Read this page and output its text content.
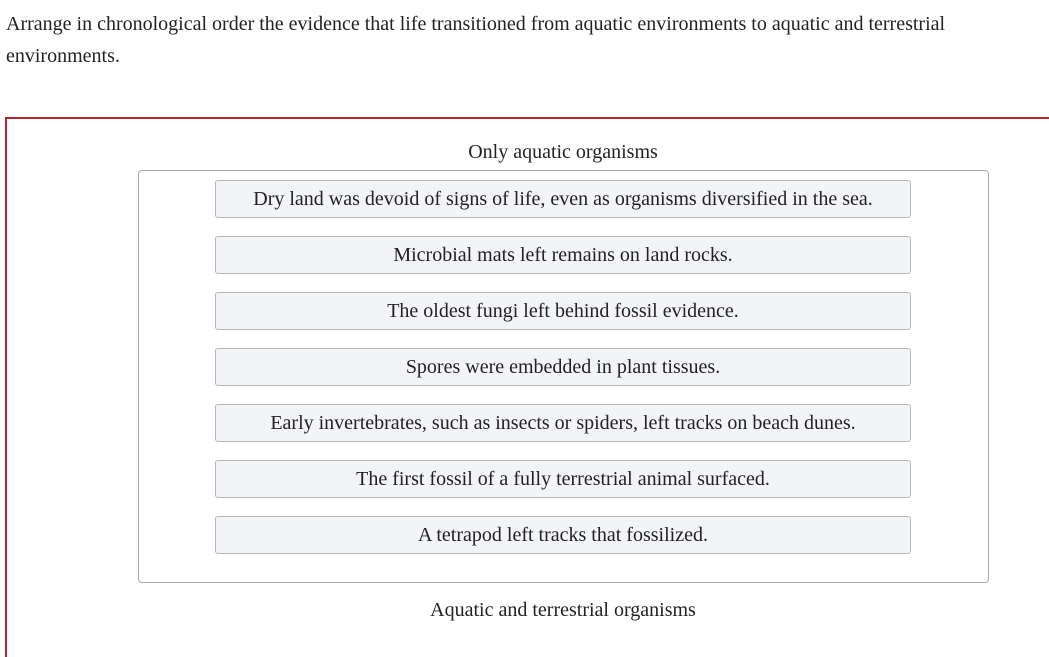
Arrange in chronological order the evidence that life transitioned from aquatic environments to aquatic and terrestrial environments.

Only aquatic organisms
Dry land was devoid of signs of life, even as organisms diversified in the sea.
Microbial mats left remains on land rocks.
The oldest fungi left behind fossil evidence.
Spores were embedded in plant tissues.
Early invertebrates, such as insects or spiders, left tracks on beach dunes.
The first fossil of a fully terrestrial animal surfaced.
A tetrapod left tracks that fossilized.
Aquatic and terrestrial organisms
